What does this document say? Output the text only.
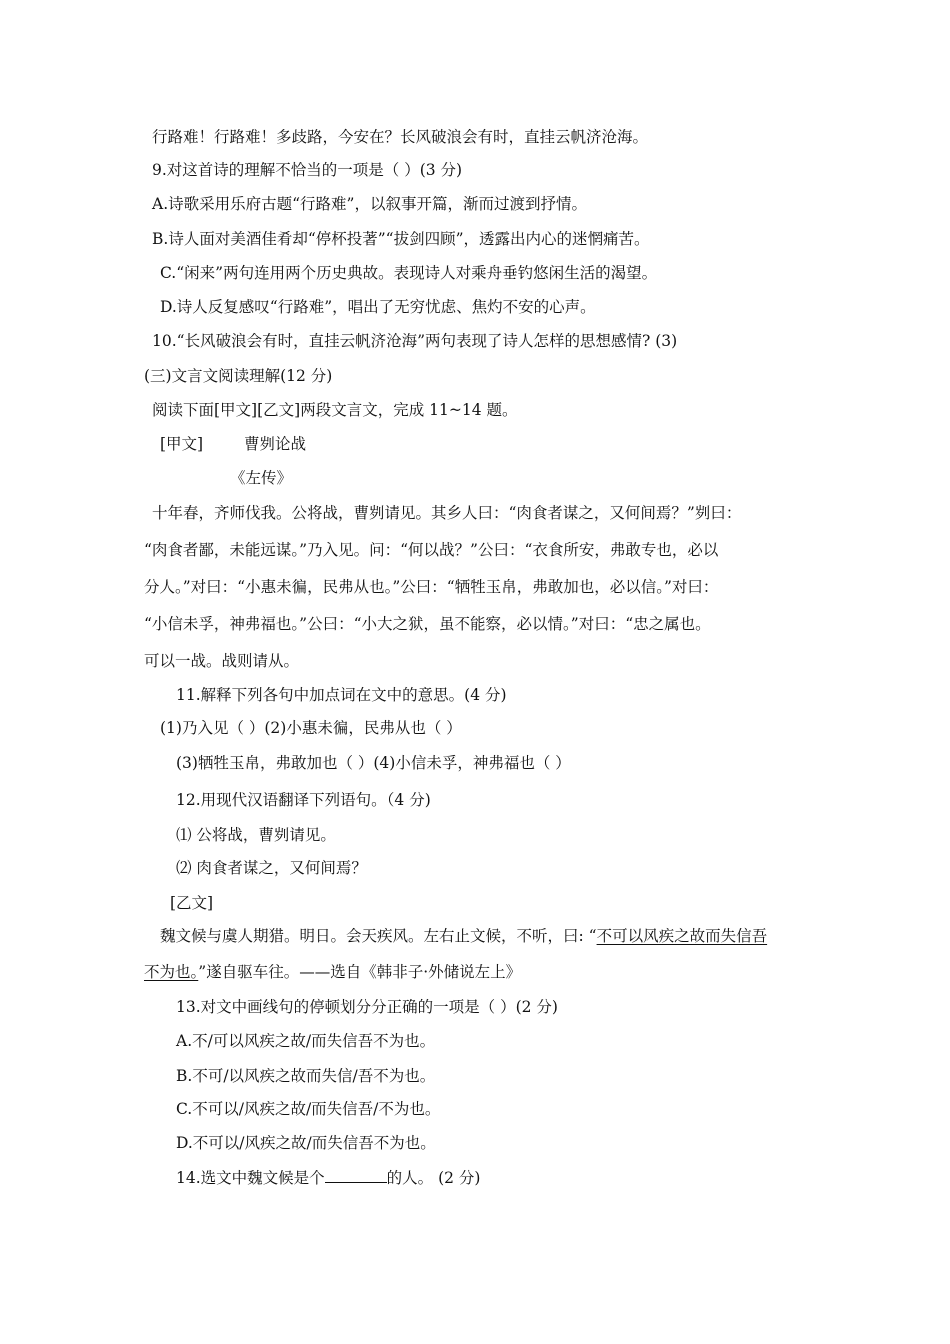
行路难！行路难！多歧路，今安在？长风破浪会有时，直挂云帆济沧海。
9.对这首诗的理解不恰当的一项是（ ）(3 分)
A.诗歌采用乐府古题“行路难”，以叙事开篇，渐而过渡到抒情。
B.诗人面对美酒佳肴却“停杯投著”“拔剑四顾”，透露出内心的迷惘痛苦。
C.“闲来”两句连用两个历史典故。表现诗人对乘舟垂钓悠闲生活的渴望。
D.诗人反复感叹“行路难”，唱出了无穷忧虑、焦灼不安的心声。
10.“长风破浪会有时，直挂云帆济沧海”两句表现了诗人怎样的思想感情? (3)
(三)文言文阅读理解(12 分)
阅读下面[甲文][乙文]两段文言文，完成 11~14 题。
[甲文]	曹刿论战
《左传》
十年春，齐师伐我。公将战，曹刿请见。其乡人曰：“肉食者谋之，又何间焉？”刿曰：
“肉食者鄙，未能远谋。”乃入见。问：“何以战？”公曰：“衣食所安，弗敢专也，必以
分人。”对曰：“小惠未徧，民弗从也。”公曰：“牺牲玉帛，弗敢加也，必以信。”对曰：
“小信未孚，神弗福也。”公曰：“小大之狱，虽不能察，必以情。”对曰：“忠之属也。
可以一战。战则请从。
11.解释下列各句中加点词在文中的意思。(4 分)
(1)乃入见（ ）(2)小惠未徧，民弗从也（ ）
(3)牺牲玉帛，弗敢加也（ ）(4)小信未孚，神弗福也（ ）
12.用现代汉语翻译下列语句。（4 分)
⑴ 公将战，曹刿请见。
⑵ 肉食者谋之，又何间焉？
[乙文]
魏文候与虞人期猎。明日。会天疾风。左右止文候，不听，曰: “不可以风疾之故而失信吾
不为也。”遂自驱车往。——选自《韩非子·外储说左上》
13.对文中画线句的停顿划分分正确的一项是（ ）(2 分)
A.不/可以风疾之故/而失信吾不为也。
B.不可/以风疾之故而失信/吾不为也。
C.不可以/风疾之故/而失信吾/不为也。
D.不可以/风疾之故/而失信吾不为也。
14.选文中魏文候是个	的人。 (2 分)
